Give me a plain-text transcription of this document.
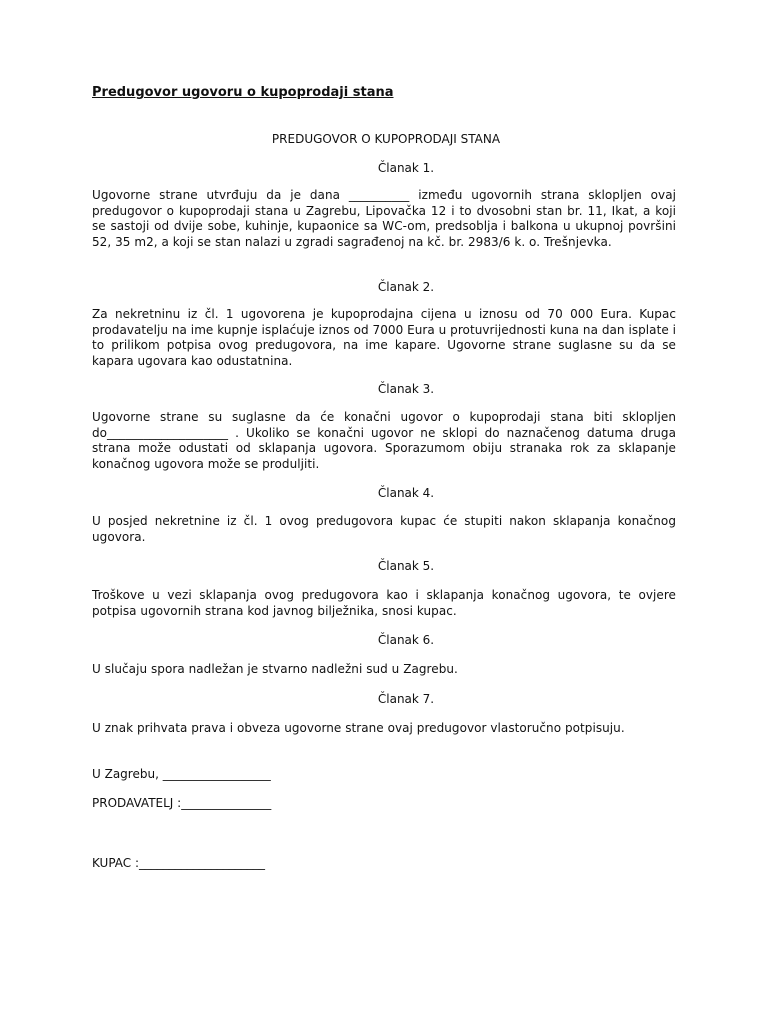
Predugovor ugovoru o kupoprodaji stana
PREDUGOVOR O KUPOPRODAJI STANA
Članak 1.
Ugovorne strane utvrđuju da je dana __________ između ugovornih strana sklopljen ovaj predugovor o kupoprodaji stana u Zagrebu, Lipovačka 12 i to dvosobni stan br. 11, Ikat, a koji se sastoji od dvije sobe, kuhinje, kupaonice sa WC-om, predsoblja i balkona u ukupnoj površini 52, 35 m2, a koji se stan nalazi u zgradi sagrađenoj na kč. br. 2983/6 k. o. Trešnjevka.
Članak 2.
Za nekretninu iz čl. 1 ugovorena je kupoprodajna cijena u iznosu od 70 000 Eura. Kupac prodavatelju na ime kupnje isplaćuje iznos od 7000 Eura u protuvrijednosti kuna na dan isplate i to prilikom potpisa ovog predugovora, na ime kapare. Ugovorne strane suglasne su da se kapara ugovara kao odustatnina.
Članak 3.
Ugovorne strane su suglasne da će konačni ugovor o kupoprodaji stana biti sklopljen do____________________ . Ukoliko se konačni ugovor ne sklopi do naznačenog datuma druga strana može odustati od sklapanja ugovora. Sporazumom obiju stranaka rok za sklapanje konačnog ugovora može se produljiti.
Članak 4.
U posjed nekretnine iz čl. 1 ovog predugovora kupac će stupiti nakon sklapanja konačnog ugovora.
Članak 5.
Troškove u vezi sklapanja ovog predugovora kao i sklapanja konačnog ugovora, te ovjere potpisa ugovornih strana kod javnog bilježnika, snosi kupac.
Članak 6.
U slučaju spora nadležan je stvarno nadležni sud u Zagrebu.
Članak 7.
U znak prihvata prava i obveza ugovorne strane ovaj predugovor vlastoručno potpisuju.
U Zagrebu, __________________
PRODAVATELJ :_______________
KUPAC :_____________________
